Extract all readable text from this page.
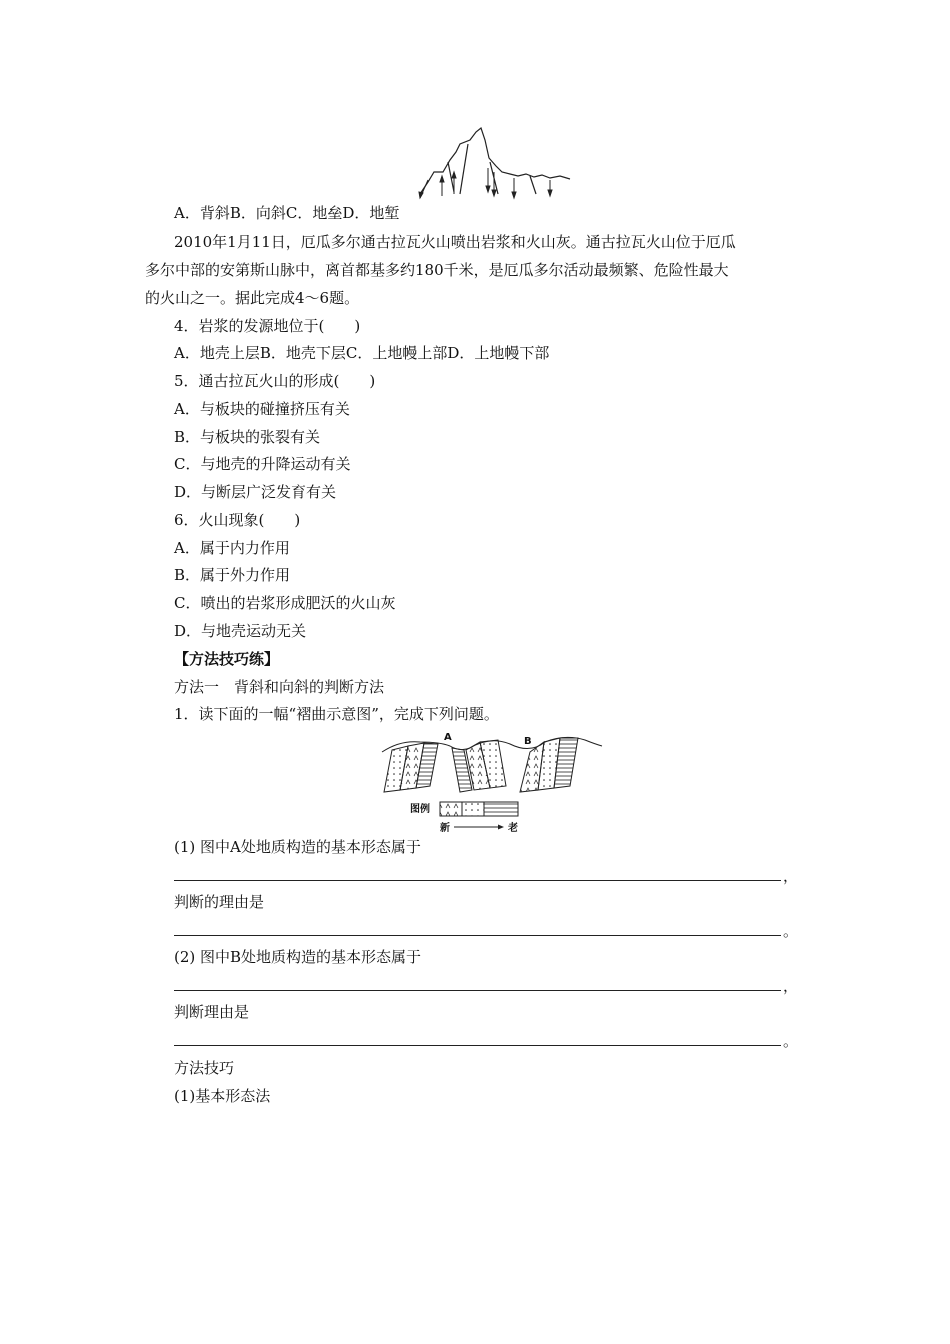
A．背斜B．向斜C．地垒D．地堑
2010年1月11日，厄瓜多尔通古拉瓦火山喷出岩浆和火山灰。通古拉瓦火山位于厄瓜
多尔中部的安第斯山脉中，离首都基多约180千米，是厄瓜多尔活动最频繁、危险性最大
的火山之一。据此完成4～6题。
4．岩浆的发源地位于(　　)
A．地壳上层B．地壳下层C．上地幔上部D．上地幔下部
5．通古拉瓦火山的形成(　　)
A．与板块的碰撞挤压有关
B．与板块的张裂有关
C．与地壳的升降运动有关
D．与断层广泛发育有关
6．火山现象(　　)
A．属于内力作用
B．属于外力作用
C．喷出的岩浆形成肥沃的火山灰
D．与地壳运动无关
【方法技巧练】
方法一　背斜和向斜的判断方法
1．读下面的一幅“褶曲示意图”，完成下列问题。
A	B
图例
新	老
(1) 图中A处地质构造的基本形态属于
，
判断的理由是
。
(2) 图中B处地质构造的基本形态属于
，
判断理由是
。
方法技巧
(1)基本形态法
